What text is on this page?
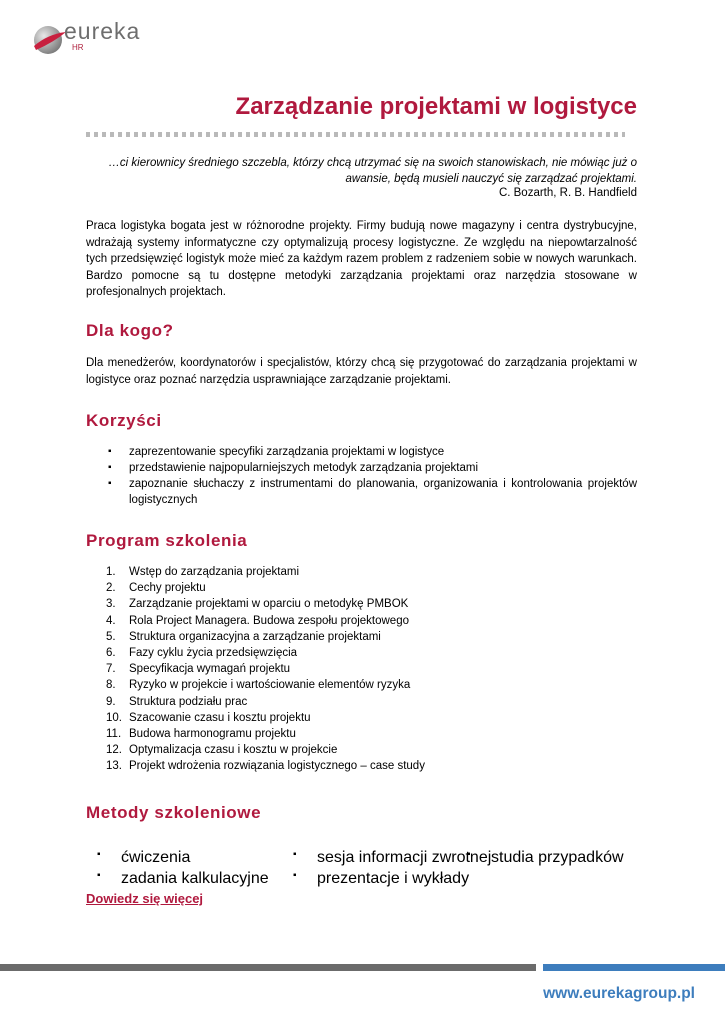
eureka
HR
Zarządzanie projektami w logistyce
…ci kierownicy średniego szczebla, którzy chcą utrzymać się na swoich stanowiskach, nie mówiąc już o awansie, będą musieli nauczyć się zarządzać projektami.
C. Bozarth, R. B. Handfield
Praca logistyka bogata jest w różnorodne projekty. Firmy budują nowe magazyny i centra dystrybucyjne, wdrażają systemy informatyczne czy optymalizują procesy logistyczne. Ze względu na niepowtarzalność tych przedsięwzięć logistyk może mieć za każdym razem problem z radzeniem sobie w nowych warunkach. Bardzo pomocne są tu dostępne metodyki zarządzania projektami oraz narzędzia stosowane w profesjonalnych projektach.
Dla kogo?
Dla menedżerów, koordynatorów i specjalistów, którzy chcą się przygotować do zarządzania projektami w logistyce oraz poznać narzędzia usprawniające zarządzanie projektami.
Korzyści
▪ zaprezentowanie specyfiki zarządzania projektami w logistyce
▪ przedstawienie najpopularniejszych metodyk zarządzania projektami
▪ zapoznanie słuchaczy z instrumentami do planowania, organizowania i kontrolowania projektów logistycznych
Program szkolenia
1.	Wstęp do zarządzania projektami
2.	Cechy projektu
3.	Zarządzanie projektami w oparciu o metodykę PMBOK
4.	Rola Project Managera. Budowa zespołu projektowego
5.	Struktura organizacyjna a zarządzanie projektami
6.	Fazy cyklu życia przedsięwzięcia
7.	Specyfikacja wymagań projektu
8.	Ryzyko w projekcie i wartościowanie elementów ryzyka
9.	Struktura podziału prac
10. Szacowanie czasu i kosztu projektu
11. Budowa harmonogramu projektu
12. Optymalizacja czasu i kosztu w projekcie
13. Projekt wdrożenia rozwiązania logistycznego – case study
Metody szkoleniowe
▪ ćwiczenia	▪ sesja informacji zwrotnej ▪ studia przypadków
▪ zadania kalkulacyjne	▪ prezentacje i wykłady
Dowiedz się więcej
www.eurekagroup.pl
